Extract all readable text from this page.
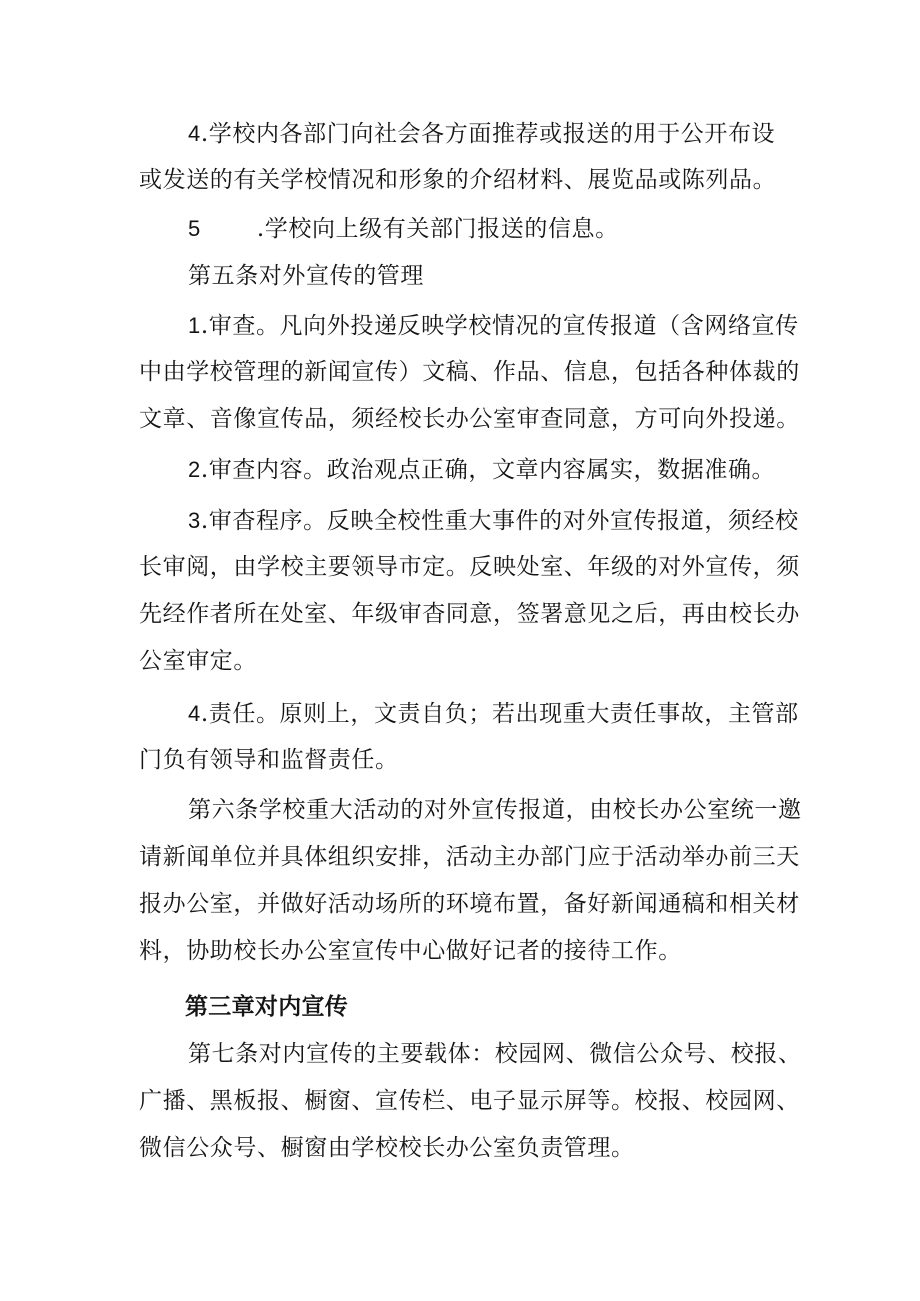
4.学校内各部门向社会各方面推荐或报送的用于公开布设
或发送的有关学校情况和形象的介绍材料、展览品或陈列品。

5 .学校向上级有关部门报送的信息。

第五条对外宣传的管理

1.审查。凡向外投递反映学校情况的宣传报道（含网络宣传
中由学校管理的新闻宣传）文稿、作品、信息，包括各种体裁的
文章、音像宣传品，须经校长办公室审查同意，方可向外投递。

2.审查内容。政治观点正确，文章内容属实，数据准确。

3.审杳程序。反映全校性重大事件的对外宣传报道，须经校
长审阅，由学校主要领导市定。反映处室、年级的对外宣传，须
先经作者所在处室、年级审杳同意，签署意见之后，再由校长办
公室审定。

4.责任。原则上，文责自负；若出现重大责任事故，主管部
门负有领导和监督责任。

第六条学校重大活动的对外宣传报道，由校长办公室统一邀
请新闻单位并具体组织安排，活动主办部门应于活动举办前三天
报办公室，并做好活动场所的环境布置，备好新闻通稿和相关材
料，协助校长办公室宣传中心做好记者的接待工作。

第三章对内宣传

第七条对内宣传的主要载体：校园网、微信公众号、校报、
广播、黑板报、橱窗、宣传栏、电子显示屏等。校报、校园网、
微信公众号、橱窗由学校校长办公室负责管理。
